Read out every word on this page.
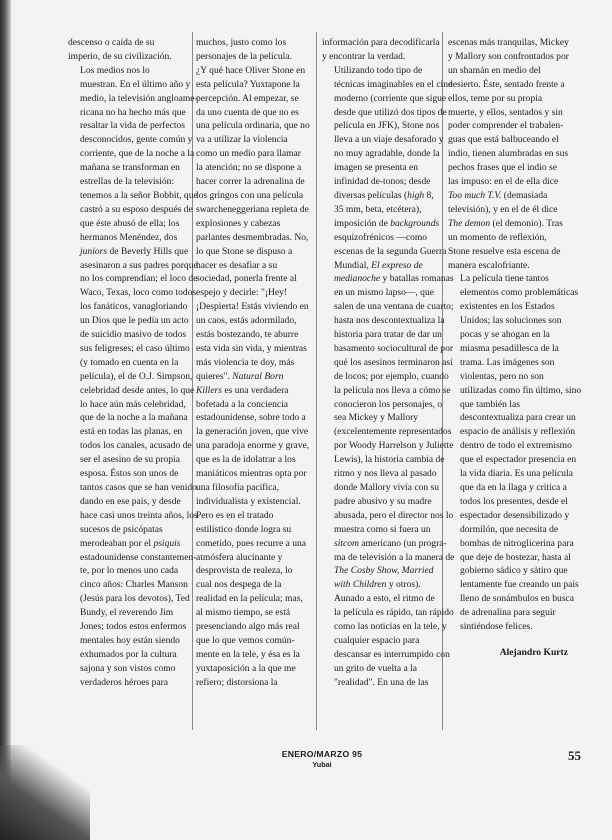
descenso o caída de su
imperio, de su civilización.

Los medios nos lo
muestran. En el último año y
medio, la televisión angloame-
ricana no ha hecho más que
resaltar la vida de perfectos
desconocidos, gente común y
corriente, que de la noche a la
mañana se transforman en
estrellas de la televisión:
tenemos a la señor Bobbit, que
castró a su esposo después de
que éste abusó de ella; los
hermanos Menéndez, dos
juniors de Beverly Hills que
asesinaron a sus padres porque
no los comprendían; el loco de
Waco, Texas, loco como todos
los fanáticos, vanagloriando
un Dios que le pedía un acto
de suicidio masivo de todos
sus feligreses; el caso último
(y tomado en cuenta en la
película), el de O.J. Simpson,
celebridad desde antes, lo que
lo hace aún más celebridad,
que de la noche a la mañana
está en todas las planas, en
todos los canales, acusado de
ser el asesino de su propia
esposa. Éstos son unos de
tantos casos que se han venido
dando en ese país, y desde
hace casi unos treinta años, los
sucesos de psicópatas
merodeaban por el psiquis
estadounidense constantemen-
te, por lo menos uno cada
cinco años: Charles Manson
(Jesús para los devotos), Ted
Bundy, el reverendo Jim
Jones; todos estos enfermos
mentales hoy están siendo
exhumados por la cultura
sajona y son vistos como
verdaderos héroes para

muchos, justo como los
personajes de la película.
¿Y qué hace Oliver Stone en
esta película? Yuxtapone la
percepción. Al empezar, se
da uno cuenta de que no es
una película ordinaria, que no
va a utilizar la violencia
como un medio para llamar
la atención; no se dispone a
hacer correr la adrenalina de
los gringos con una película
swarcheneggeriana repleta de
explosiones y cabezas
parlantes desmembradas. No,
lo que Stone se dispuso a
hacer es desafiar a su
sociedad, ponerla frente al
espejo y decirle: "¡Hey!
¡Despierta! Estás viviendo en
un caos, estás adormilado,
estás bostezando, te aburre
esta vida sin vida, y mientras
más violencia te doy, más
quieres". Natural Born
Killers es una verdadera
bofetada a la conciencia
estadounidense, sobre todo a
la generación joven, que vive
una paradoja enorme y grave,
que es la de idolatrar a los
maniáticos mientras opta por
una filosofía pacífica,
individualista y existencial.
Pero es en el tratado
estilístico donde logra su
cometido, pues recurre a una
atmósfera alucinante y
desprovista de realeza, lo
cual nos despega de la
realidad en la película; mas,
al mismo tiempo, se está
presenciando algo más real
que lo que vemos común-
mente en la tele, y ésa es la
yuxtaposición a la que me
refiero; distorsiona la

información para decodificarla
y encontrar la verdad.

Utilizando todo tipo de
técnicas imaginables en el cine
moderno (corriente que sigue
desde que utilizó dos tipos de
película en JFK), Stone nos
lleva a un viaje desaforado y
no muy agradable, donde la
imagen se presenta en
infinidad de-tonos; desde
diversas películas (high 8,
35 mm, beta, etcétera),
imposición de backgrounds
esquizofrénicos —como
escenas de la segunda Guerra
Mundial, El expreso de
medianoche y batallas romanas
en un mismo lapso—, que
salen de una ventana de cuarto;
hasta nos descontextualiza la
historia para tratar de dar un
basamento sociocultural de por
qué los asesinos terminaron así
de locos; por ejemplo, cuando
la película nos lleva a cómo se
conocieron los personajes, o
sea Mickey y Mallory
(excelentemente representados
por Woody Harrelson y Juliette
Lewis), la historia cambia de
ritmo y nos lleva al pasado
donde Mallory vivía con su
padre abusivo y su madre
abusada, pero el director nos lo
muestra como si fuera un
sitcom americano (un progra-
ma de televisión a la manera de
The Cosby Show, Married
with Children y otros).

Aunado a esto, el ritmo de
la película es rápido, tan rápido
como las noticias en la tele, y
cualquier espacio para
descansar es interrumpido con
un grito de vuelta a la
"realidad". En una de las

escenas más tranquilas, Mickey
y Mallory son confrontados por
un shamán en medio del
desierto. Éste, sentado frente a
ellos, teme por su propia
muerte, y ellos, sentados y sin
poder comprender el trabalen-
guas que está balbuceando el
indio, tienen alumbradas en sus
pechos frases que el indio se
las impuso: en el de ella dice
Too much T.V. (demasiada
televisión), y en el de él dice
The demon (el demonio). Tras
un momento de reflexión,
Stone resuelve esta escena de
manera escalofriante.

La película tiene tantos
elementos como problemáticas
existentes en los Estados
Unidos; las soluciones son
pocas y se ahogan en la
miasma pesadillesca de la
trama. Las imágenes son
violentas, pero no son
utilizadas como fin último, sino
que también las
descontextualiza para crear un
espacio de análisis y reflexión
dentro de todo el extremismo
que el espectador presencia en
la vida diaria. Es una película
que da en la llaga y critica a
todos los presentes, desde el
espectador desensibilizado y
dormilón, que necesita de
bombas de nitroglicerina para
que deje de bostezar, hasta al
gobierno sádico y sátiro que
lentamente fue creando un país
lleno de sonámbulos en busca
de adrenalina para seguir
sintiéndose felices.

Alejandro Kurtz
ENERO/MARZO 95
Yubai
55
